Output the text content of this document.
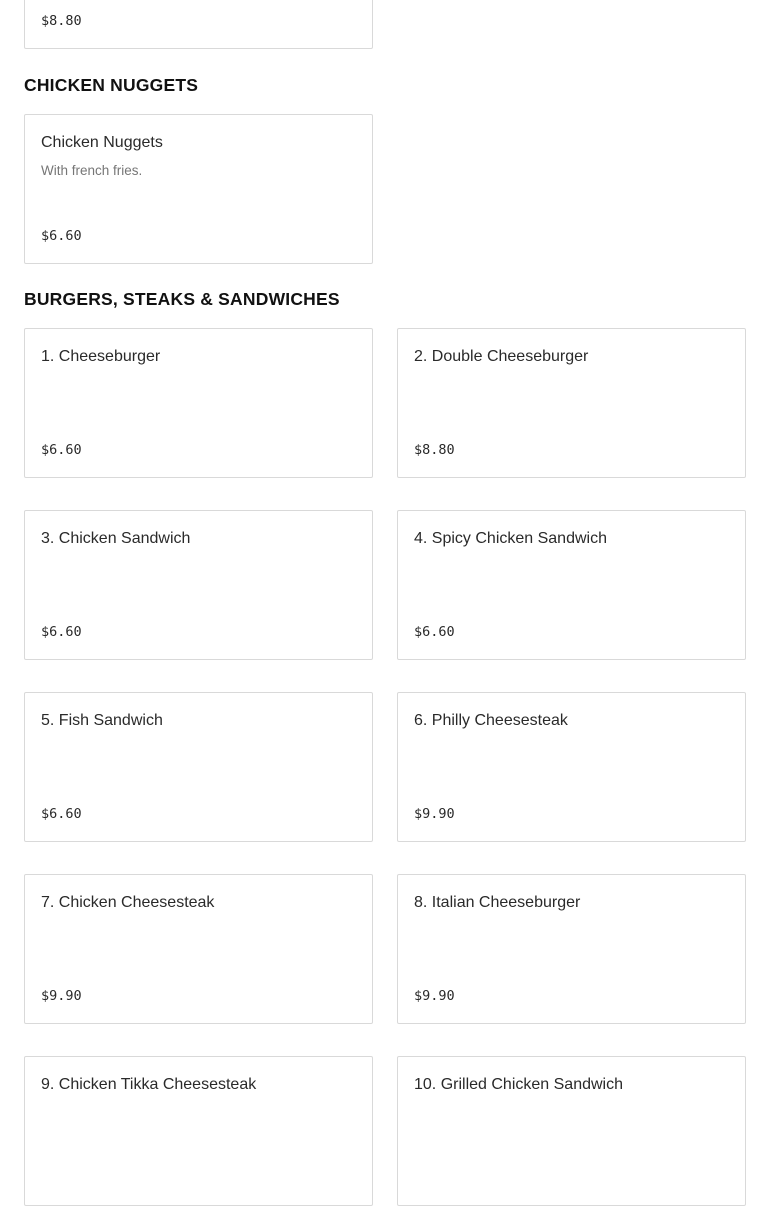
$8.80
CHICKEN NUGGETS
Chicken Nuggets
With french fries.
$6.60
BURGERS, STEAKS & SANDWICHES
1. Cheeseburger
$6.60
2. Double Cheeseburger
$8.80
3. Chicken Sandwich
$6.60
4. Spicy Chicken Sandwich
$6.60
5. Fish Sandwich
$6.60
6. Philly Cheesesteak
$9.90
7. Chicken Cheesesteak
$9.90
8. Italian Cheeseburger
$9.90
9. Chicken Tikka Cheesesteak	10. Grilled Chicken Sandwich
